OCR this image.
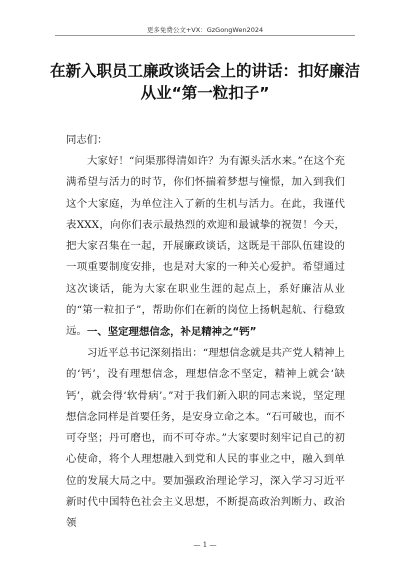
更多免费公文+VX：GzGongWen2024
在新入职员工廉政谈话会上的讲话：扣好廉洁从业“第一粒扣子”
同志们：
大家好！“问渠那得清如许？为有源头活水来。”在这个充满希望与活力的时节，你们怀揣着梦想与憧憬，加入到我们这个大家庭，为单位注入了新的生机与活力。在此，我谨代表XXX，向你们表示最热烈的欢迎和最诚挚的祝贺！今天，把大家召集在一起，开展廉政谈话，这既是干部队伍建设的一项重要制度安排，也是对大家的一种关心爱护。希望通过这次谈话，能为大家在职业生涯的起点上，系好廉洁从业的“第一粒扣子”，帮助你们在新的岗位上扬帆起航、行稳致远。 一、坚定理想信念，补足精神之“钙”
习近平总书记深刻指出：“理想信念就是共产党人精神上的‘钙’，没有理想信念，理想信念不坚定，精神上就会‘缺钙’，就会得‘软骨病’。”对于我们新入职的同志来说，坚定理想信念同样是首要任务，是安身立命之本。“石可破也，而不可夺坚；丹可磨也，而不可夺赤。”大家要时刻牢记自己的初心使命，将个人理想融入到党和人民的事业之中，融入到单位的发展大局之中。要加强政治理论学习，深入学习习近平新时代中国特色社会主义思想，不断提高政治判断力、政治领
— 1 —
